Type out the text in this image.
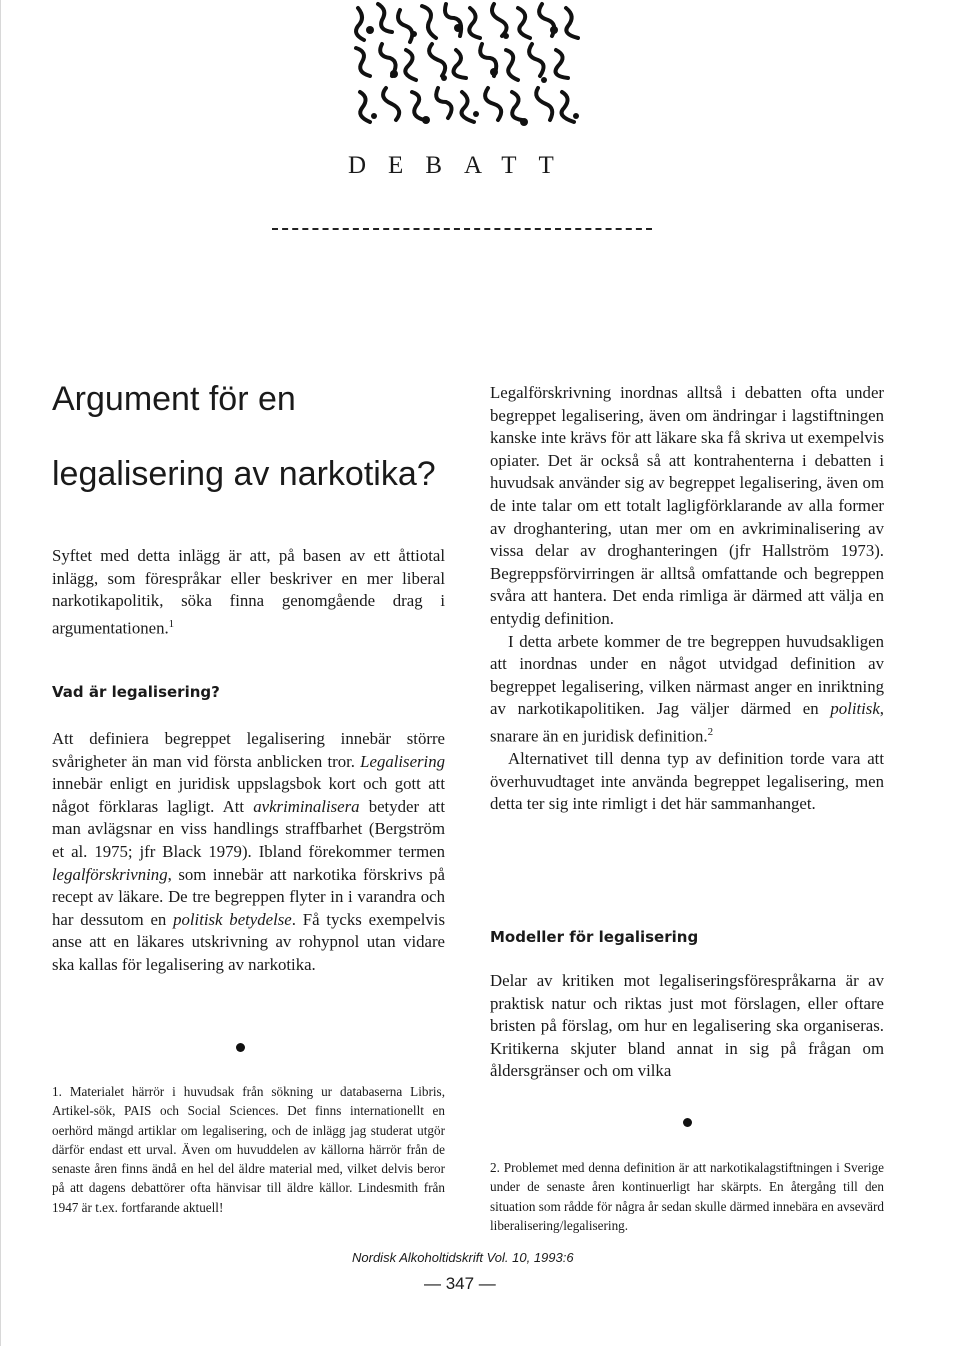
DEBATT
Argument för en
legalisering av narkotika?

Syftet med detta inlägg är att, på basen av ett åttiotal inlägg, som förespråkar eller beskriver en mer liberal narkotikapolitik, söka finna genomgående drag i argumentationen.$^1$

Vad är legalisering?

Att definiera begreppet legalisering innebär större svårigheter än man vid första anblicken tror. Legalisering innebär enligt en juridisk uppslagsbok kort och gott att något förklaras lagligt. Att avkriminalisera betyder att man avlägsnar en viss handlings straffbarhet (Bergström et al. 1975; jfr Black 1979). Ibland förekommer termen legalförskrivning, som innebär att narkotika förskrivs på recept av läkare. De tre begreppen flyter in i varandra och har dessutom en politisk betydelse. Få tycks exempelvis anse att en läkares utskrivning av rohypnol utan vidare ska kallas för legalisering av narkotika.

1. Materialet härrör i huvudsak från sökning ur databaserna Libris, Artikel-sök, PAIS och Social Sciences. Det finns internationellt en oerhörd mängd artiklar om legalisering, och de inlägg jag studerat utgör därför endast ett urval. Även om huvuddelen av källorna härrör från de senaste åren finns ändå en hel del äldre material med, vilket delvis beror på att dagens debattörer ofta hänvisar till äldre källor. Lindesmith från 1947 är t.ex. fortfarande aktuell!

Legalförskrivning inordnas alltså i debatten ofta under begreppet legalisering, även om ändringar i lagstiftningen kanske inte krävs för att läkare ska få skriva ut exempelvis opiater. Det är också så att kontrahenterna i debatten i huvudsak använder sig av begreppet legalisering, även om de inte talar om ett totalt lagligförklarande av alla former av droghantering, utan mer om en avkriminalisering av vissa delar av droghanteringen (jfr Hallström 1973). Begreppsförvirringen är alltså omfattande och begreppen svåra att hantera. Det enda rimliga är därmed att välja en entydig definition.

I detta arbete kommer de tre begreppen huvudsakligen att inordnas under en något utvidgad definition av begreppet legalisering, vilken närmast anger en inriktning av narkotikapolitiken. Jag väljer därmed en politisk, snarare än en juridisk definition.$^2$

Alternativet till denna typ av definition torde vara att överhuvudtaget inte använda begreppet legalisering, men detta ter sig inte rimligt i det här sammanhanget.

Modeller för legalisering

Delar av kritiken mot legaliseringsförespråkarna är av praktisk natur och riktas just mot förslagen, eller oftare bristen på förslag, om hur en legalisering ska organiseras. Kritikerna skjuter bland annat in sig på frågan om åldersgränser och om vilka

2. Problemet med denna definition är att narkotikalagstiftningen i Sverige under de senaste åren kontinuerligt har skärpts. En återgång till den situation som rådde för några år sedan skulle därmed innebära en avsevärd liberalisering/legalisering.
Nordisk Alkoholtidskrift Vol. 10, 1993:6
— 347 —
